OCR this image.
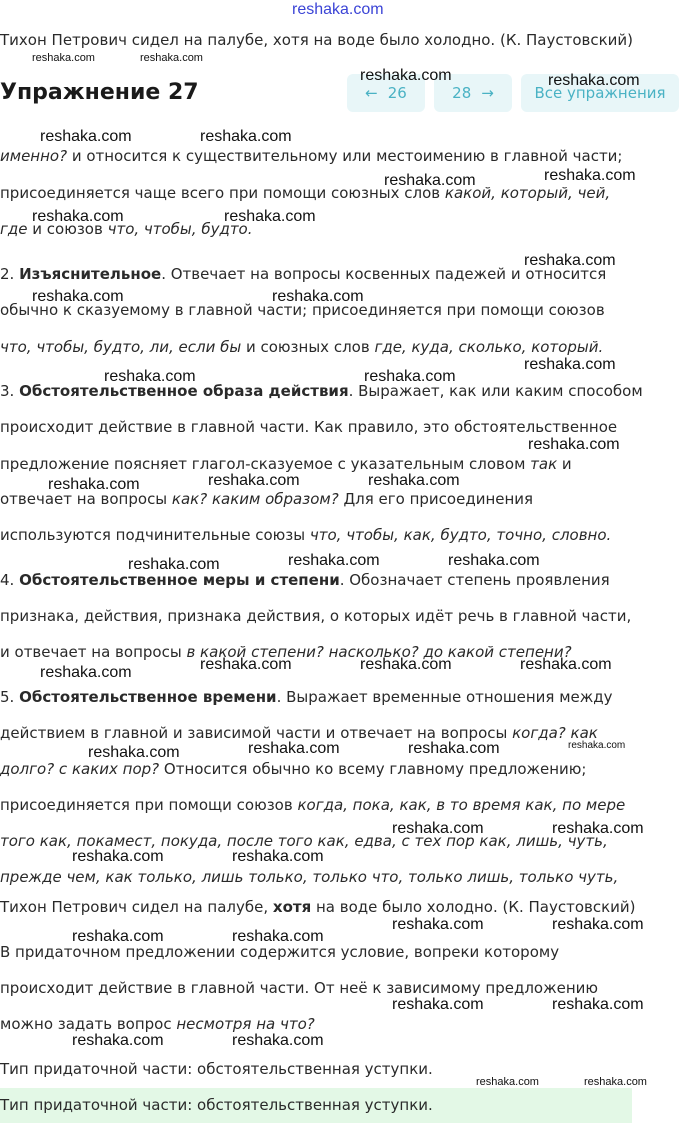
reshaka.com
Тихон Петрович сидел на палубе, хотя на воде было холодно. (К. Паустовский)
Упражнение 27	← 26	28 →	Все упражнения
именно? и относится к существительному или местоимению в главной части;
присоединяется чаще всего при помощи союзных слов какой, который, чей,
где и союзов что, чтобы, будто.
2. Изъяснительное. Отвечает на вопросы косвенных падежей и относится
обычно к сказуемому в главной части; присоединяется при помощи союзов
что, чтобы, будто, ли, если бы и союзных слов где, куда, сколько, который.
3. Обстоятельственное образа действия. Выражает, как или каким способом
происходит действие в главной части. Как правило, это обстоятельственное
предложение поясняет глагол-сказуемое с указательным словом так и
отвечает на вопросы как? каким образом? Для его присоединения
используются подчинительные союзы что, чтобы, как, будто, точно, словно.
4. Обстоятельственное меры и степени. Обозначает степень проявления
признака, действия, признака действия, о которых идёт речь в главной части,
и отвечает на вопросы в какой степени? насколько? до какой степени?
5. Обстоятельственное времени. Выражает временные отношения между
действием в главной и зависимой части и отвечает на вопросы когда? как
долго? с каких пор? Относится обычно ко всему главному предложению;
присоединяется при помощи союзов когда, пока, как, в то время как, по мере
того как, покамест, покуда, после того как, едва, с тех пор как, лишь, чуть,
прежде чем, как только, лишь только, только что, только лишь, только чуть,
Тихон Петрович сидел на палубе, хотя на воде было холодно. (К. Паустовский)
В придаточном предложении содержится условие, вопреки которому
происходит действие в главной части. От неё к зависимому предложению
можно задать вопрос несмотря на что?
Тип придаточной части: обстоятельственная уступки.
Тип придаточной части: обстоятельственная уступки.
reshaka.com	reshaka.com
reshaka.com	reshaka.com
reshaka.com	reshaka.com
reshaka.com
reshaka.com
reshaka.com	reshaka.com
reshaka.com
reshaka.com	reshaka.com
reshaka.com
reshaka.com	reshaka.com
reshaka.com
reshaka.com	reshaka.com	reshaka.com
reshaka.com	reshaka.com	reshaka.com
reshaka.com	reshaka.com	reshaka.com	reshaka.com
reshaka.com	reshaka.com	reshaka.com	reshaka.com
reshaka.com	reshaka.com
reshaka.com	reshaka.com
reshaka.com	reshaka.com
reshaka.com	reshaka.com
reshaka.com	reshaka.com
reshaka.com	reshaka.com
reshaka.com	reshaka.com
